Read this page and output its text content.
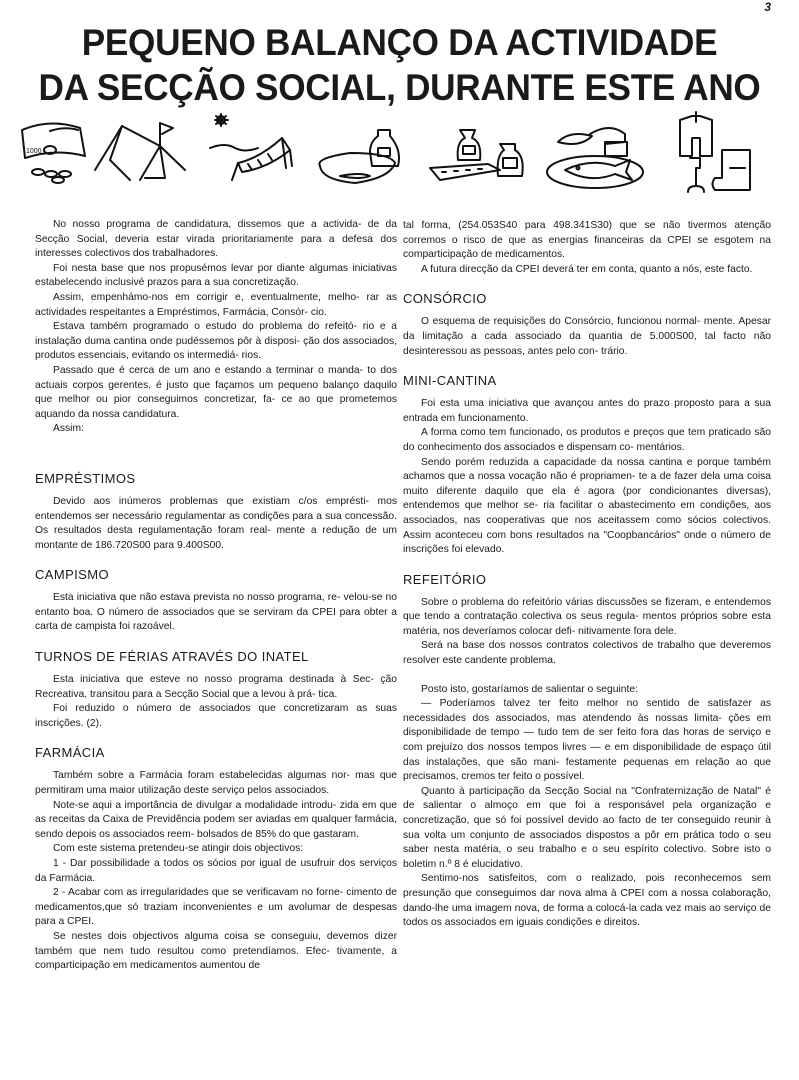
3
PEQUENO BALANÇO DA ACTIVIDADE
DA SECÇÃO SOCIAL, DURANTE ESTE ANO
1000

No nosso programa de candidatura, dissemos que a activida- de da Secção Social, deveria estar virada prioritariamente para a defesa dos interesses colectivos dos trabalhadores.

Foi nesta base que nos propusémos levar por diante algumas iniciativas estabelecendo inclusivé prazos para a sua concretização.

Assim, empenhámo-nos em corrigir e, eventualmente, melho- rar as actividades respeitantes a Empréstimos, Farmácia, Consór- cio.

Estava também programado o estudo do problema do refeitó- rio e a instalação duma cantina onde pudéssemos pôr à disposi- ção dos associados, produtos essenciais, evitando os intermediá- rios.

Passado que é cerca de um ano e estando a terminar o manda- to dos actuais corpos gerentes, é justo que façamos um pequeno balanço daquilo que melhor ou pior conseguimos concretizar, fa- ce ao que prometemos aquando da nossa candidatura.

Assim:

EMPRÉSTIMOS

Devido aos inúmeros problemas que existiam c/os emprésti- mos entendemos ser necessário regulamentar as condições para a sua concessão. Os resultados desta regulamentação foram real- mente a redução de um montante de 186.720S00 para 9.400S00.

CAMPISMO

Esta iniciativa que não estava prevista no nosso programa, re- velou-se no entanto boa. O número de associados que se serviram da CPEI para obter a carta de campista foi razoável.

TURNOS DE FÉRIAS ATRAVÉS DO INATEL

Esta iniciativa que esteve no nosso programa destinada à Sec- ção Recreativa, transitou para a Secção Social que a levou à prá- tica.

Foi reduzido o número de associados que concretizaram as suas inscrições. (2).

FARMÁCIA

Também sobre a Farmácia foram estabelecidas algumas nor- mas que permitiram uma maior utilização deste serviço pelos associados.

Note-se aqui a importância de divulgar a modalidade introdu- zida em que as receitas da Caixa de Previdência podem ser aviadas em qualquer farmácia, sendo depois os associados reem- bolsados de 85% do que gastaram.

Com este sistema pretendeu-se atingir dois objectivos:

1 - Dar possibilidade a todos os sócios por igual de usufruir dos serviços da Farmácia.

2 - Acabar com as irregularidades que se verificavam no forne- cimento de medicamentos,que só traziam inconvenientes e um avolumar de despesas para a CPEI.

Se nestes dois objectivos alguma coisa se conseguiu, devemos dizer também que nem tudo resultou como pretendíamos. Efec- tivamente, a comparticipação em medicamentos aumentou de

tal forma, (254.053S40 para 498.341S30) que se não tivermos atenção corremos o risco de que as energias financeiras da CPEI se esgotem na comparticipação de medicamentos.

A futura direcção da CPEI deverá ter em conta, quanto a nós, este facto.

CONSÓRCIO

O esquema de requisições do Consórcio, funcionou normal- mente. Apesar da limitação a cada associado da quantia de 5.000S00, tal facto não desinteressou as pessoas, antes pelo con- trário.

MINI-CANTINA

Foi esta uma iniciativa que avançou antes do prazo proposto para a sua entrada em funcionamento.

A forma como tem funcionado, os produtos e preços que tem praticado são do conhecimento dos associados e dispensam co- mentários.

Sendo porém reduzida a capacidade da nossa cantina e porque também achamos que a nossa vocação não é propriamen- te a de fazer dela uma coisa muito diferente daquilo que ela é agora (por condicionantes diversas), entendemos que melhor se- ria facilitar o abastecimento em condições, aos associados, nas cooperativas que nos aceitassem como sócios colectivos. Assim aconteceu com bons resultados na "Coopbancários" onde o número de inscrições foi elevado.

REFEITÓRIO

Sobre o problema do refeitório várias discussões se fizeram, e entendemos que tendo a contratação colectiva os seus regula- mentos próprios sobre esta matéria, nos deveríamos colocar defi- nitivamente fora dele.

Será na base dos nossos contratos colectivos de trabalho que deveremos resolver este candente problema.

Posto isto, gostaríamos de salientar o seguinte:

— Poderíamos talvez ter feito melhor no sentido de satisfazer as necessidades dos associados, mas atendendo às nossas limita- ções em disponibilidade de tempo — tudo tem de ser feito fora das horas de serviço e com prejuízo dos nossos tempos livres — e em disponibilidade de espaço útil das instalações, que são mani- festamente pequenas em relação ao que precisamos, cremos ter feito o possível.

Quanto à participação da Secção Social na "Confraternização de Natal" é de salientar o almoço em que foi a responsável pela organização e concretização, que só foi possível devido ao facto de ter conseguido reunir à sua volta um conjunto de associados dispostos a pôr em prática todo o seu saber nesta matéria, o seu trabalho e o seu espírito colectivo. Sobre isto o boletim n.º 8 é elucidativo.

Sentimo-nos satisfeitos, com o realizado, pois reconhecemos sem presunção que conseguimos dar nova alma à CPEI com a nossa colaboração, dando-lhe uma imagem nova, de forma a colocá-la cada vez mais ao serviço de todos os associados em iguais condições e direitos.
